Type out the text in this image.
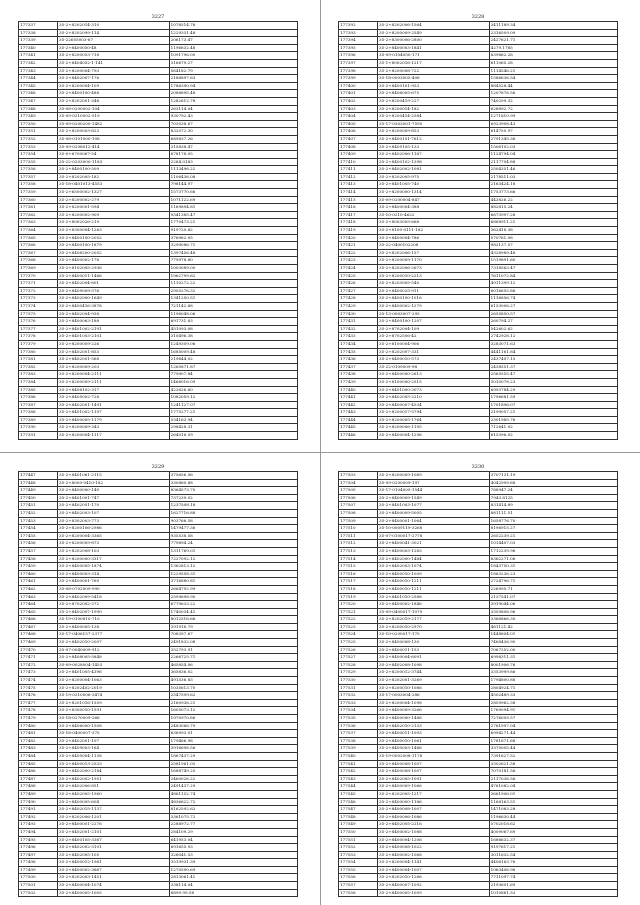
3227
177337	35-2+8202014-310	1078514.78
177338	35-2+8202099-114	1229331.48
177339	35-22655003-67	206173.47
177340	35-2+8400050-48	1196832.48
177341	35-2+8200053-718	1091796.00
177342	35-2+8404052-1-141	316679.27
177343	35-2+8200004-793	564182.79
177344	35-2+8402007-176	2186897.63
177345	35-2+8200004-109	1786390.94
177346	35-2+8400100-488	2086895.48
177347	35-2+8202001-348	1282612.78
177348	35-08-0200002-104	263114.04
177349	35-09-0210002-519	930792.43
177350	35-09-0200200-1482	703038.67
177351	35-2+8200003-823	832072.30
177352	35-08-0101000-108	689837.26
177353	35-09-0208012-414	315838.47
177354	35-0+6700067-54	678178.05
177355	35-22-0203000-1183	2264.0183
177356	35-2+8400100-509	1113496.22
177357	35-2+8202005-182	1106436.08
177358	35-18-0401013-4553	798144.97
177359	35-2+6500002-1327	1573770.66
177360	35-2+8200002-279	1071122.69
177361	35-2+8200001-594	1169894.81
177362	35-2+8200002-909	9341385.47
177363	35-2+8002026-219	1770473.21
177364	35-2+8300004-1263	919720.82
177365	35-2+8400100-2052	376962.05
177366	35-2+8400100-1879	3299086.71
177367	35-2+8408200-2052	1397456.48
177368	35-2+8400002-178	779978.60
177369	35-2+8102005-2936	1003089.00
177370	35-2+8400011-1486	1962799.62
177371	35-2+8402004-801	1110272.22
177372	35-2+8409009-576	2905276.32
177373	35-2+8402000-1649	1341250.51
177374	35-2+8400416-3878	721142.68
177375	35-2+8402004-938	1196048.06
177376	35-2+8400063-188	691731.83
177377	35-2+8401002-2191	451093.08
177378	35-2+8401003-2101	310496.38
177379	35-2+8200009-226	1249309.06
177380	35-2+8402001-853	1685009.48
177381	35-2+8402001-568	219644.02
177382	35-2+8200009-203	1265871.87
177383	35-2+8200004-2111	779907.84
177384	35-2+8200009-2111	1466016.09
177385	35-2+8408102-317	422626.60
177386	35-2+8405002-728	1082059.12
177387	35-2+8402001-1491	1241127.07
177388	35-2+8401002-1197	1775277.21
177389	35-2+8400005-1179	534163.94
177390	35-2+8200009-343	298428.31
177391	35-2+8200004-1117	264016.59
3228
177392	35-2+8202006-1564	3411189.34
177393	35-2+8200009-2549	2316509.09
177394	35-2+8300006-2800	2427621.71
177395	35-2+8400003-1841	4279.1785
177396	35-09-0104050-171	839862.28
177397	35-1+8002016-1217	611065.28
177398	35-2+8200008-722	1114546.21
177399	35-18-0003005-408	1586636.54
177400	35-2+8400101-953	884528.44
177401	35-2+8406005-675	1207876.56
177402	35-2+8200419-227	740299.32
177403	35-2+8200014-182	628892.72
177404	35-2+8200414-2584	1271810.99
177405	35-17-0303001-7595	6923908.43
177406	35-2+8200009-853	614750.97
177407	35-2+8400101-7612	2791345.36
177408	35-2+8409105-133	1506102.03
177409	35-2+8402006-1167	1124794.04
177410	35-2+8400102-1398	2117704.88
177411	35-2+8402002-1081	2504351.46
177412	35-2+8202005-975	2178511.03
177413	35-2+8401005-740	2163424.18
177414	35-2+8200000-1314	1753773.66
177415	35-09-0200004-847	443826.22
177416	35-2+8400004-388	882815.24
177417	35-10-0210-4622	6673997.28
177418	35-2+8003005-668	6868911.21
177419	35-2+8100-0111-182	362418.38
177420	35-2+8400004-786	570761.08
177421	35-22-0400102208	982137.57
177422	35-2+8202006-157	4328989.48
177423	35-2+8200009-1170	1519891.60
177424	35-2+8202006-2673	7318563.47
177425	35-2+8200010-2213	7611072.84
177426	35-2+8203005-540	4911399.12
177427	35-2+8400025-911	6016655.86
177428	35-2+8400100-1016	1116856.74
177429	35-2+8400002-1279	6153006.27
177430	35-13-0003007-295	2655850.57
177431	35-2+8400100-1207	260794.27
177432	35-2+8702004-109	542602.62
177433	35-2+8702506-42	2742928.12
177434	35-2+8100004-906	3283071.63
177435	35-2+8202007-331	4441161.84
177436	35-2+8400010-573	2437407.15
177437	35-22-0109009-98	2438551.37
177438	35-2+8400000-2613	2565555.47
177439	35-2+8100000-2515	3010078.23
177440	35-2+8401000-3073	6993784.29
177441	35-2+8402005-2210	1796681.59
177442	35-2+8400007-4534	1701896.07
177443	35-2+8200017-5794	2199057.21
177444	35-2+8200005-1764	2301985.76
177445	35-2+8200006-1195	712641.02
177446	35-2+8400004-1296	615396.02
3229
177447	35-2+8401061-2115	375656.56
177448	35-2+8000-0410-182	330860.88
177449	35-2+8400000-140	8364573.70
177450	35-2+8401001-747	737239.02
177451	35-2+8402051-170	1237508.18
177452	35-2+8402003-107	1627716.88
177453	35-2+8302003-773	903766.58
177454	35-2+8200106-2986	1479477.36
177455	35-2+8200004-3365	935538.58
177456	35-2+8200009-873	779894.24
177457	35-2+8202008-103	1311769.01
177458	35-2+8200000-3317	7227092.12
177459	35-2+8400005-1874	1362813.12
177460	35-2+8400003-314	1229558.31
177461	35-2+8400001-769	3716880.81
177462	35-08-0702009-990	2664792.99
177463	35-2+8402009-5418	2599698.90
177464	35-2+8702002-372	6779633.22
177465	35-2+8402007-1990	1740034.41
177466	35-19-0100810-710	8012516.66
177467	35-2+8400005-138	391918.79
177468	35-17-0406157-2377	708397.67
177469	35-2+8402010-2007	2491832.08
177470	35-07-0040009-912	352793.91
177471	35-2+8408005-5848	2266725.71
177472	35-09-0028004-1453	465854.06
177473	35-2+8401005-4396	365836.02
177474	35-2+8200004-1063	491536.83
177475	35-2+8202402-2019	1035613.70
177476	35-19-0210006-3474	2547599.62
177477	35-2+8201016-1559	2160936.21
177478	35-2+8300010-1591	1605073.12
177479	35-18-0270009-266	1970970.86
177480	35-2+8406000-1508	2483066.79
177481	35-18-0400007-375	636993.01
177482	35-2+8402001-107	179466.98
177483	35-2+8409003-164	3916696.56
177484	35-2+8405004-1138	1867437.29
177485	35-2+8400013-2533	2581961.05
177486	35-2+8402000-2184	1688749.25
177487	35-2+8402002-1951	2460026.22
177488	35-2+8402006-851	2491437.29
177489	35-2+8402005-1960	4861152.74
177490	35-2+8400005-604	4836622.72
177491	35-2+8402015-1137	8162592.62
177492	35-2+8202006-1201	3361075.72
177493	35-2+8400001-2276	2288972.77
177494	35-2+8402001-2101	284109.29
177495	35-2+8400105-3367	641953.04
177496	35-2+8402002-3101	691655.93
177497	35-2+8402005-105	326041.53
177498	35-2+8400012-1961	3519931.39
177499	35-2+8400002-3667	1270590.69
177500	35-2+8202003-1451	2813061.41
177501	35-2+8400004-1074	338114.04
177502	35-2+8400005-1005	8899.99.58
3230
177503	35-2+8200009-1069	3707131.19
177504	35-09-0200009-197	4042999.68
177505	35-17-0104005-1544	788947.24
177506	35-2+8400009-1549	7943.8125
177507	35-2+8401003-1077	831414.89
177508	35-2+8400009-5005	881111.51
177509	35-2+8400001-1064	1658776.70
177510	35-10-0009119-3268	8196915.27
177511	35-07-0100017-2778	2652239.21
177512	35-2+8400041-3021	1014407.03
177513	35-2+8400003-1283	1712239.96
177514	35-2+8402000-1484	6362271.06
177515	35-2+8402003-1074	1843750.31
177516	35-2+8400010-1009	1863236.23
177517	35-2+8400010-1211	2724796.71
177518	35-2+8400010-1211	226995.71
177519	35-2+8401010-2588	2137541.07
177520	35-2+8400002-1846	3919044.06
177521	35-09-0400017-1079	3359806.96
177522	35-2+8202019-2177	3366866.30
177523	35-2+8200010-2970	461121.42
177524	35-10-0200017-175	1448804.01
177525	35-2+8400008-130	7468436.90
177526	35-2+8400011-153	7067252.00
177527	35-2+8400004-6091	6998311.31
177528	35-2+8402008-1098	8001906.76
177529	35-2+8200012-3744	3353999.86
177530	35-2+8202001-3269	1794800.88
177531	35-2+8200010-1086	2804924.71
177532	35-17-0003004-286	4502489.33
177533	35-2+8200004-1098	2859962.38
177534	35-2+8400009-3266	1769094.91
177535	35-2+8400000-1486	7276009.57
177536	35-2+8402010-2133	2761997.04
177537	35-2+8400011-1093	6994271.44
177538	35-2+8400010-1061	1781671.68
177539	35-2+8400003-1486	3370005.44
177540	35-19-0002008-1178	7391627.52
177541	35-2+8400008-1007	3302621.58
177542	35-2+8400008-1007	7070181.56
177543	35-2+8402005-1091	2117036.56
177544	35-2+8400009-1066	4761082.04
177545	35-2+8202005-1217	3661906.01
177546	35-2+8400000-1186	1168163.51
177547	35-2+8400008-1007	1471083.28
177548	35-2+8400006-1086	1196630.44
177549	35-2+8402005-2216	5702018.62
177550	35-2+8400002-1088	4009067.69
177551	35-2+8400004-1206	1686632.37
177552	35-2+8400008-1022	9197617.21
177553	35-2+8400002-1068	3011632.54
177554	35-2+8200004-1141	4406163.76
177555	35-2+8400004-1007	1063406.98
177556	35-2+8202010-1266	7711097.74
177557	35-2+8400007-1092	2193601.69
177558	35-2+8400005-1009	1010861.53
